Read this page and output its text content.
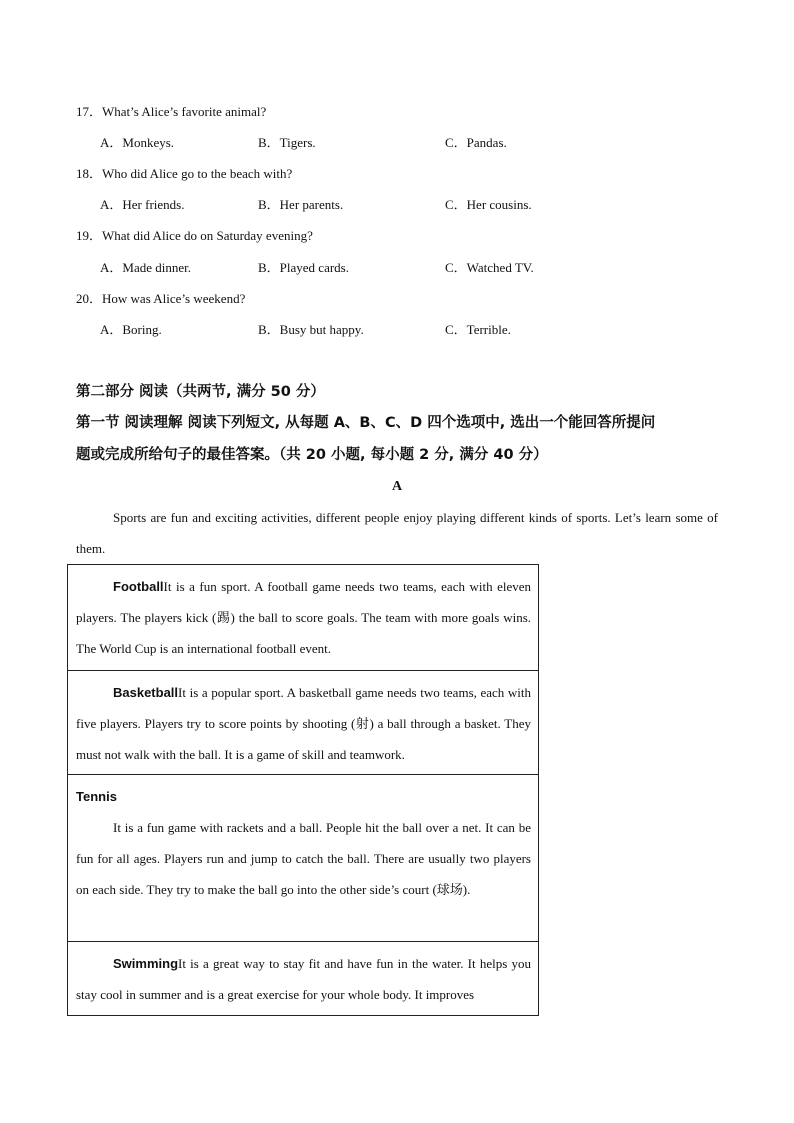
17．What’s Alice’s favorite animal?
A．Monkeys.	B．Tigers.	C．Pandas.
18．Who did Alice go to the beach with?
A．Her friends.	B．Her parents.	C．Her cousins.
19．What did Alice do on Saturday evening?
A．Made dinner.	B．Played cards.	C．Watched TV.
20．How was Alice’s weekend?
A．Boring.	B．Busy but happy.	C．Terrible.
第二部分 阅读（共两节, 满分 50 分）
第一节 阅读理解 阅读下列短文, 从每题 A、B、C、D 四个选项中, 选出一个能回答所提问
题或完成所给句子的最佳答案。（共 20 小题, 每小题 2 分, 满分 40 分）
A
Sports are fun and exciting activities, different people enjoy playing different kinds of sports. Let’s learn some of them.
FootballIt is a fun sport. A football game needs two teams, each with eleven players. The players kick (踢) the ball to score goals. The team with more goals wins. The World Cup is an international football event.
BasketballIt is a popular sport. A basketball game needs two teams, each with five players. Players try to score points by shooting (射) a ball through a basket. They must not walk with the ball. It is a game of skill and teamwork.
Tennis
It is a fun game with rackets and a ball. People hit the ball over a net. It can be fun for all ages. Players run and jump to catch the ball. There are usually two players on each side. They try to make the ball go into the other side’s court (球场).
SwimmingIt is a great way to stay fit and have fun in the water. It helps you stay cool in summer and is a great exercise for your whole body. It improves
